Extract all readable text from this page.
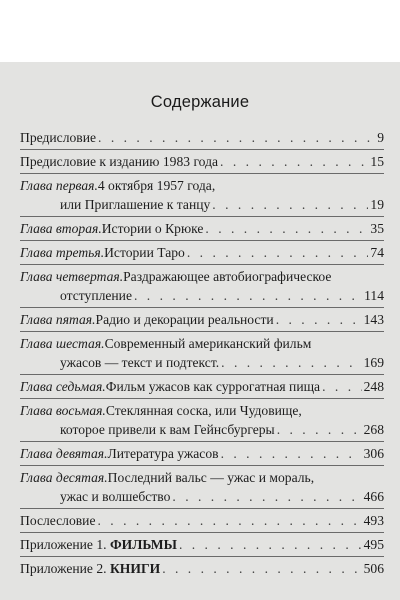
Содержание
Предисловие . . .	9
Предисловие к изданию 1983 года . . .	15
Глава первая. 4 октября 1957 года,
или Приглашение к танцу . . .	19
Глава вторая. Истории о Крюке . . .	35
Глава третья. Истории Таро . . .	74
Глава четвертая. Раздражающее автобиографическое
отступление . . .	114
Глава пятая. Радио и декорации реальности . . .	143
Глава шестая. Современный американский фильм
ужасов — текст и подтекст. . . .	169
Глава седьмая. Фильм ужасов как суррогатная пища . . .	248
Глава восьмая. Стеклянная соска, или Чудовище,
которое привели к вам Гейнсбургеры . . .	268
Глава девятая. Литература ужасов . . .	306
Глава десятая. Последний вальс — ужас и мораль,
ужас и волшебство . . .	466
Послесловие . . .	493
Приложение 1. ФИЛЬМЫ . . .	495
Приложение 2. КНИГИ . . .	506
